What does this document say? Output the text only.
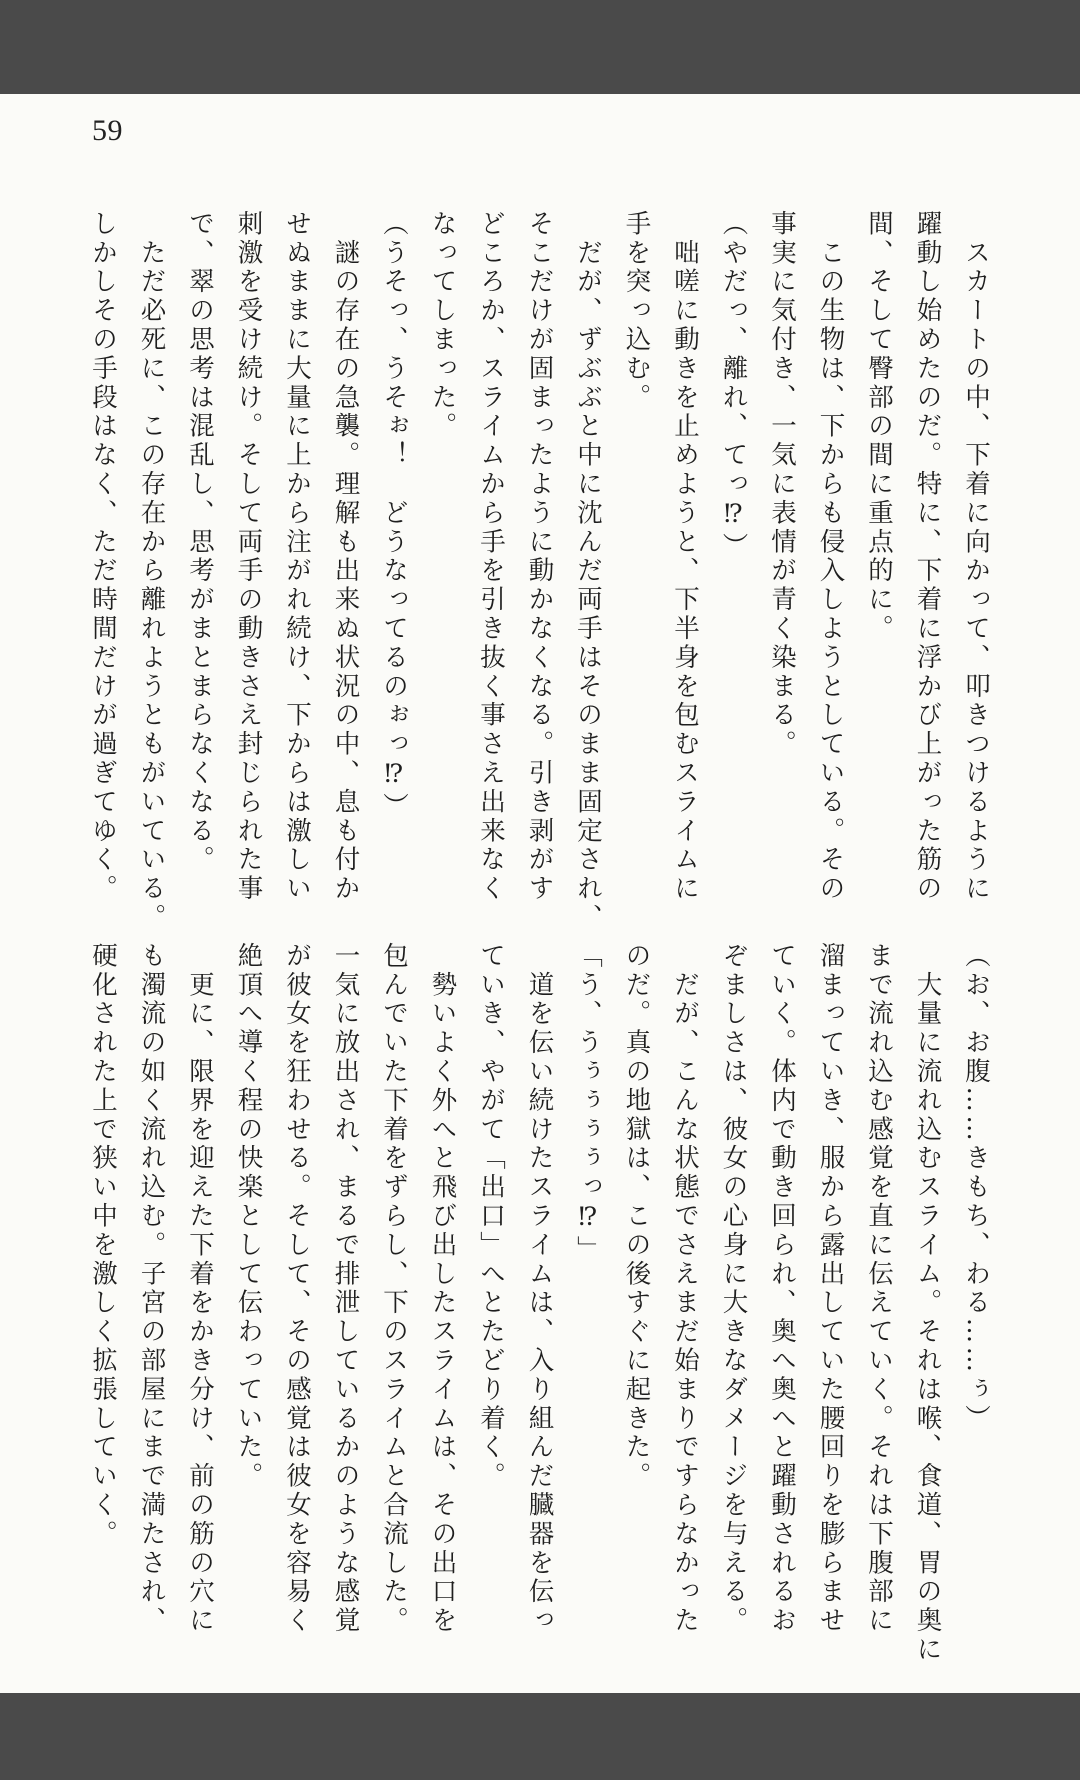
59
　スカートの中、下着に向かって、叩きつけるように
躍動し始めたのだ。特に、下着に浮かび上がった筋の
間、そして臀部の間に重点的に。
　この生物は、下からも侵入しようとしている。その
事実に気付き、一気に表情が青く染まる。
（やだっ、離れ、てっ⁉）
　咄嗟に動きを止めようと、下半身を包むスライムに
手を突っ込む。
　だが、ずぶぶと中に沈んだ両手はそのまま固定され、
そこだけが固まったように動かなくなる。引き剥がす
どころか、スライムから手を引き抜く事さえ出来なく
なってしまった。
（うそっ、うそぉ！　どうなってるのぉっ⁉）
　謎の存在の急襲。理解も出来ぬ状況の中、息も付か
せぬままに大量に上から注がれ続け、下からは激しい
刺激を受け続け。そして両手の動きさえ封じられた事
で、翠の思考は混乱し、思考がまとまらなくなる。
　ただ必死に、この存在から離れようともがいている。
しかしその手段はなく、ただ時間だけが過ぎてゆく。
（お、お腹……きもち、わる……ぅ）
　大量に流れ込むスライム。それは喉、食道、胃の奥に
まで流れ込む感覚を直に伝えていく。それは下腹部に
溜まっていき、服から露出していた腰回りを膨らませ
ていく。体内で動き回られ、奥へ奥へと躍動されるお
ぞましさは、彼女の心身に大きなダメージを与える。
　だが、こんな状態でさえまだ始まりですらなかった
のだ。真の地獄は、この後すぐに起きた。
「う、うぅぅぅぅっ⁉」
　道を伝い続けたスライムは、入り組んだ臓器を伝っ
ていき、やがて「出口」へとたどり着く。
　勢いよく外へと飛び出したスライムは、その出口を
包んでいた下着をずらし、下のスライムと合流した。
一気に放出され、まるで排泄しているかのような感覚
が彼女を狂わせる。そして、その感覚は彼女を容易く
絶頂へ導く程の快楽として伝わっていた。
　更に、限界を迎えた下着をかき分け、前の筋の穴に
も濁流の如く流れ込む。子宮の部屋にまで満たされ、
硬化された上で狭い中を激しく拡張していく。
